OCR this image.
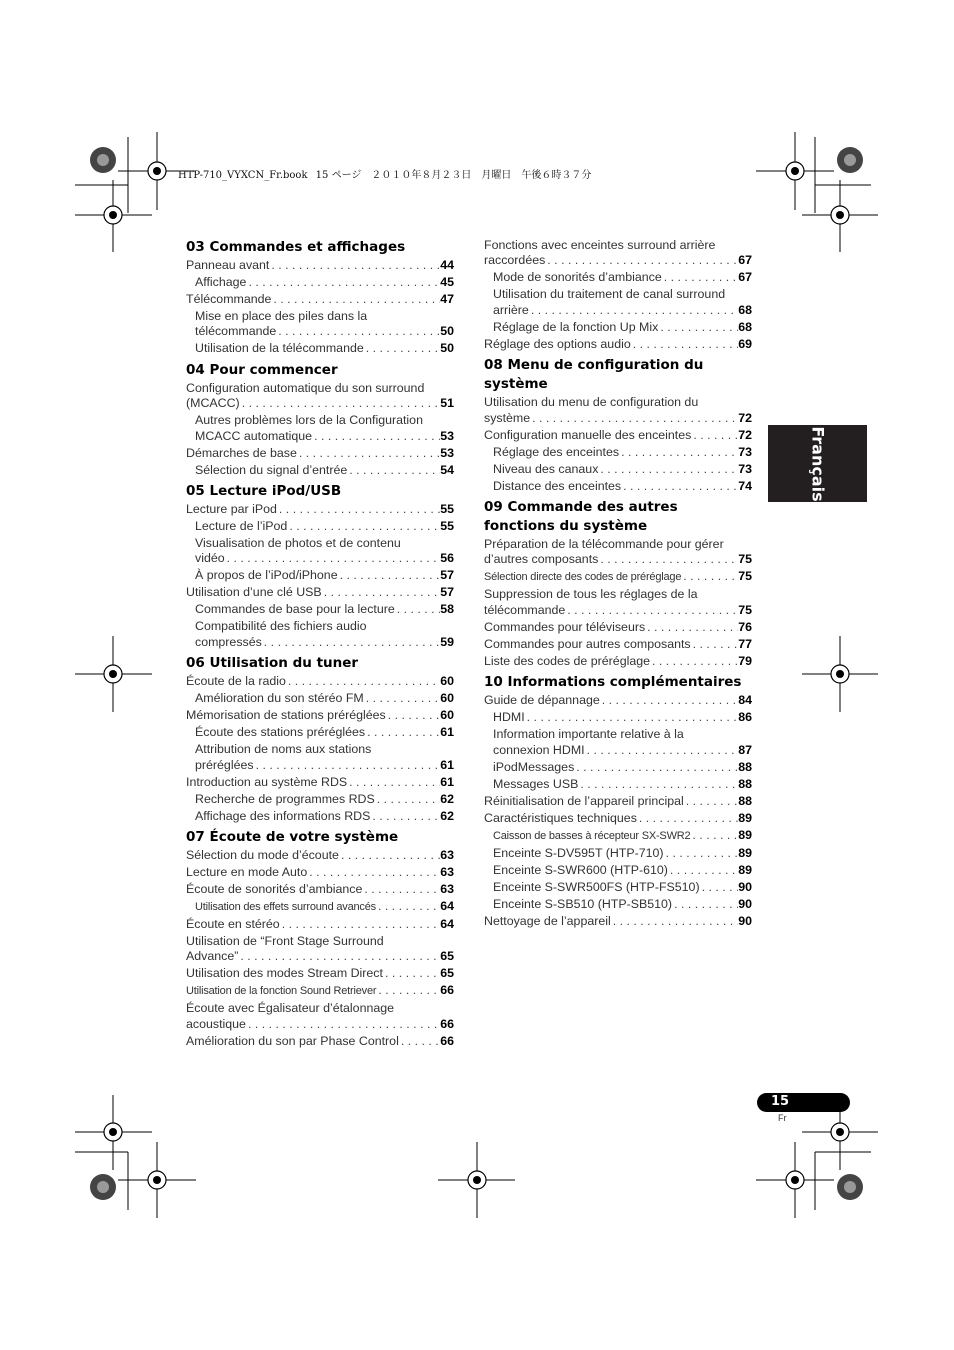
HTP-710_VYXCN_Fr.book  15 ページ　２０１０年８月２３日　月曜日　午後６時３７分
03 Commandes et affichages
Panneau avant . . .	44
Affichage . . .	45
Télécommande . . .	47
Mise en place des piles dans la
télécommande . . .	50
Utilisation de la télécommande . . .	50
04 Pour commencer
Configuration automatique du son surround
(MCACC) . . .	51
Autres problèmes lors de la Configuration
MCACC automatique . . .	53
Démarches de base . . .	53
Sélection du signal d’entrée . . .	54
05 Lecture iPod/USB
Lecture par iPod . . .	55
Lecture de l’iPod . . .	55
Visualisation de photos et de contenu
vidéo . . .	56
À propos de l’iPod/iPhone . . .	57
Utilisation d’une clé USB . . .	57
Commandes de base pour la lecture . . .	58
Compatibilité des fichiers audio
compressés . . .	59
06 Utilisation du tuner
Écoute de la radio . . .	60
Amélioration du son stéréo FM . . .	60
Mémorisation de stations préréglées . . .	60
Écoute des stations préréglées . . .	61
Attribution de noms aux stations
préréglées . . .	61
Introduction au système RDS . . .	61
Recherche de programmes RDS . . .	62
Affichage des informations RDS . . .	62
07 Écoute de votre système
Sélection du mode d’écoute . . .	63
Lecture en mode Auto . . .	63
Écoute de sonorités d’ambiance . . .	63
Utilisation des effets surround avancés . . .	64
Écoute en stéréo . . .	64
Utilisation de “Front Stage Surround
Advance” . . .	65
Utilisation des modes Stream Direct . . .	65
Utilisation de la fonction Sound Retriever . . .	66
Écoute avec Égalisateur d’étalonnage
acoustique . . .	66
Amélioration du son par Phase Control . . .	66
Fonctions avec enceintes surround arrière
raccordées . . .	67
Mode de sonorités d’ambiance . . .	67
Utilisation du traitement de canal surround
arrière . . .	68
Réglage de la fonction Up Mix . . .	68
Réglage des options audio . . .	69
08 Menu de configuration du système
Utilisation du menu de configuration du
système . . .	72
Configuration manuelle des enceintes . . .	72
Réglage des enceintes . . .	73
Niveau des canaux . . .	73
Distance des enceintes . . .	74
09 Commande des autres fonctions du système
Préparation de la télécommande pour gérer
d’autres composants . . .	75
Sélection directe des codes de préréglage . . .	75
Suppression de tous les réglages de la
télécommande . . .	75
Commandes pour téléviseurs . . .	76
Commandes pour autres composants . . .	77
Liste des codes de préréglage . . .	79
10 Informations complémentaires
Guide de dépannage . . .	84
HDMI . . .	86
Information importante relative à la
connexion HDMI . . .	87
iPodMessages . . .	88
Messages USB . . .	88
Réinitialisation de l’appareil principal . . .	88
Caractéristiques techniques . . .	89
Caisson de basses à récepteur SX-SWR2 . . .	89
Enceinte S-DV595T (HTP-710) . . .	89
Enceinte S-SWR600 (HTP-610) . . .	89
Enceinte S-SWR500FS (HTP-FS510) . . .	90
Enceinte S-SB510 (HTP-SB510) . . .	90
Nettoyage de l’appareil . . .	90
Français
15
Fr
